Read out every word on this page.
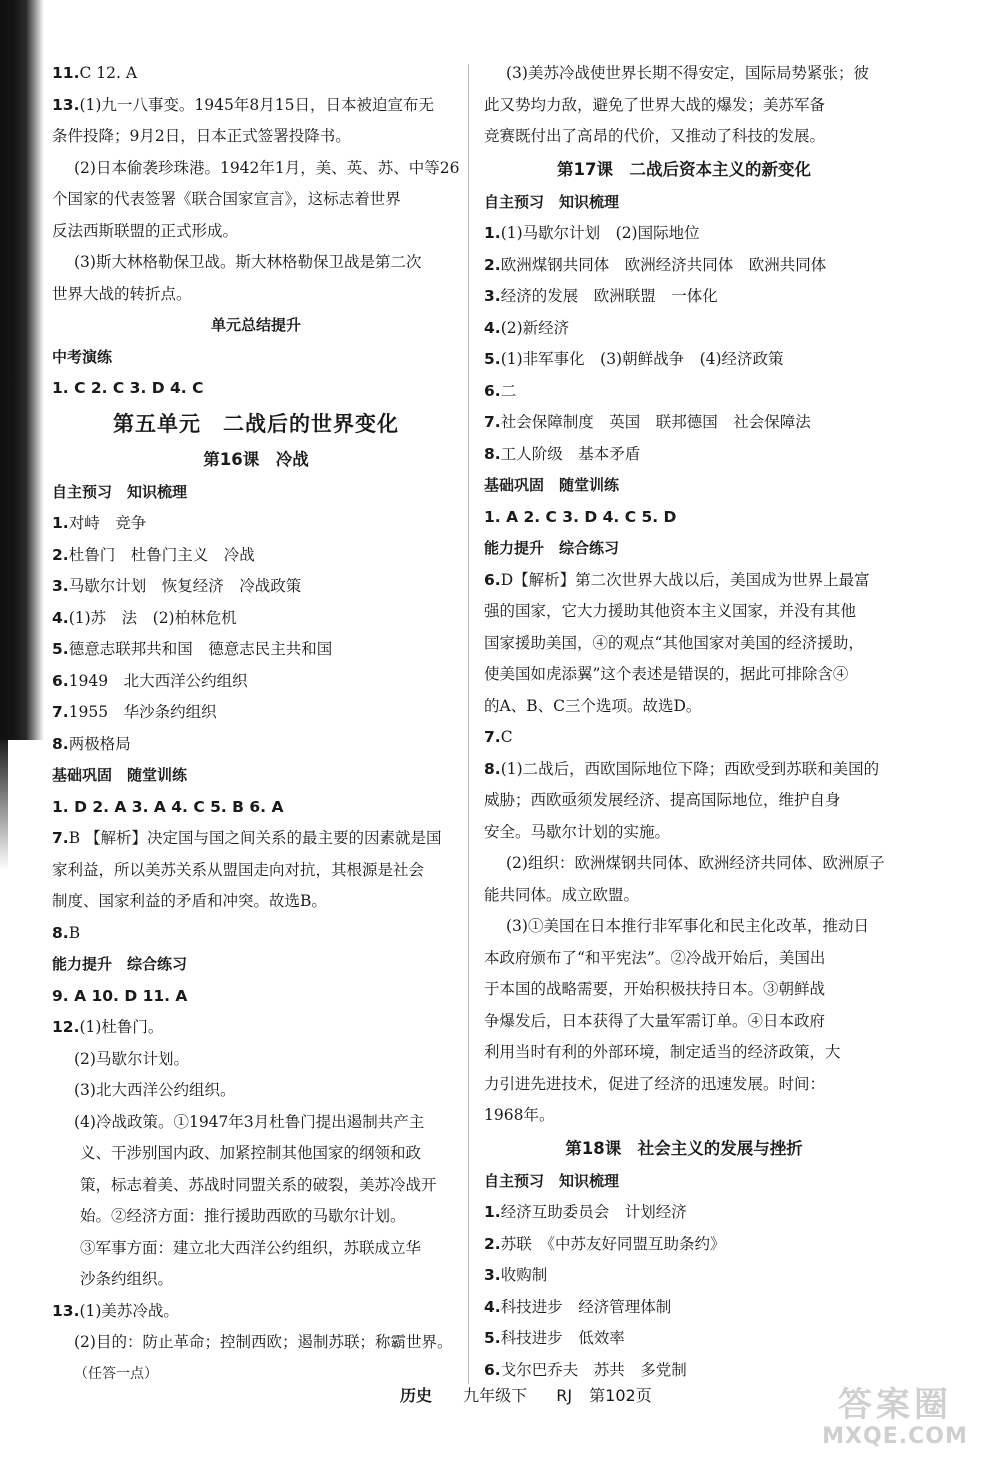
11.C 12. A
13.(1)九一八事变。1945年8月15日，日本被迫宣布无
条件投降；9月2日，日本正式签署投降书。
(2)日本偷袭珍珠港。1942年1月，美、英、苏、中等26
个国家的代表签署《联合国家宣言》，这标志着世界
反法西斯联盟的正式形成。
(3)斯大林格勒保卫战。斯大林格勒保卫战是第二次
世界大战的转折点。
单元总结提升
中考演练
1. C 2. C 3. D 4. C
第五单元　二战后的世界变化
第16课　冷战
自主预习　知识梳理
1.对峙　竞争
2.杜鲁门　杜鲁门主义　冷战
3.马歇尔计划　恢复经济　冷战政策
4.(1)苏　法　(2)柏林危机
5.德意志联邦共和国　德意志民主共和国
6.1949　北大西洋公约组织
7.1955　华沙条约组织
8.两极格局
基础巩固　随堂训练
1. D 2. A 3. A 4. C 5. B 6. A
7.B 【解析】决定国与国之间关系的最主要的因素就是国
家利益，所以美苏关系从盟国走向对抗，其根源是社会
制度、国家利益的矛盾和冲突。故选B。
8.B
能力提升　综合练习
9. A 10. D 11. A
12.(1)杜鲁门。
(2)马歇尔计划。
(3)北大西洋公约组织。
(4)冷战政策。①1947年3月杜鲁门提出遏制共产主
义、干涉别国内政、加紧控制其他国家的纲领和政
策，标志着美、苏战时同盟关系的破裂，美苏冷战开
始。②经济方面：推行援助西欧的马歇尔计划。
③军事方面：建立北大西洋公约组织，苏联成立华
沙条约组织。
13.(1)美苏冷战。
(2)目的：防止革命；控制西欧；遏制苏联；称霸世界。
（任答一点）
(3)美苏冷战使世界长期不得安定，国际局势紧张；彼
此又势均力敌，避免了世界大战的爆发；美苏军备
竞赛既付出了高昂的代价，又推动了科技的发展。
第17课　二战后资本主义的新变化
自主预习　知识梳理
1.(1)马歇尔计划　(2)国际地位
2.欧洲煤钢共同体　欧洲经济共同体　欧洲共同体
3.经济的发展　欧洲联盟　一体化
4.(2)新经济
5.(1)非军事化　(3)朝鲜战争　(4)经济政策
6.二
7.社会保障制度　英国　联邦德国　社会保障法
8.工人阶级　基本矛盾
基础巩固　随堂训练
1. A 2. C 3. D 4. C 5. D
能力提升　综合练习
6.D【解析】第二次世界大战以后，美国成为世界上最富
强的国家，它大力援助其他资本主义国家，并没有其他
国家援助美国，④的观点“其他国家对美国的经济援助，
使美国如虎添翼”这个表述是错误的，据此可排除含④
的A、B、C三个选项。故选D。
7.C
8.(1)二战后，西欧国际地位下降；西欧受到苏联和美国的
威胁；西欧亟须发展经济、提高国际地位，维护自身
安全。马歇尔计划的实施。
(2)组织：欧洲煤钢共同体、欧洲经济共同体、欧洲原子
能共同体。成立欧盟。
(3)①美国在日本推行非军事化和民主化改革，推动日
本政府颁布了“和平宪法”。②冷战开始后，美国出
于本国的战略需要，开始积极扶持日本。③朝鲜战
争爆发后，日本获得了大量军需订单。④日本政府
利用当时有利的外部环境，制定适当的经济政策，大
力引进先进技术，促进了经济的迅速发展。时间：
1968年。
第18课　社会主义的发展与挫折
自主预习　知识梳理
1.经济互助委员会　计划经济
2.苏联　《中苏友好同盟互助条约》
3.收购制
4.科技进步　经济管理体制
5.科技进步　低效率
6.戈尔巴乔夫　苏共　多党制
历史 九年级下 RJ 第102页	答案圈
MXQE.COM
